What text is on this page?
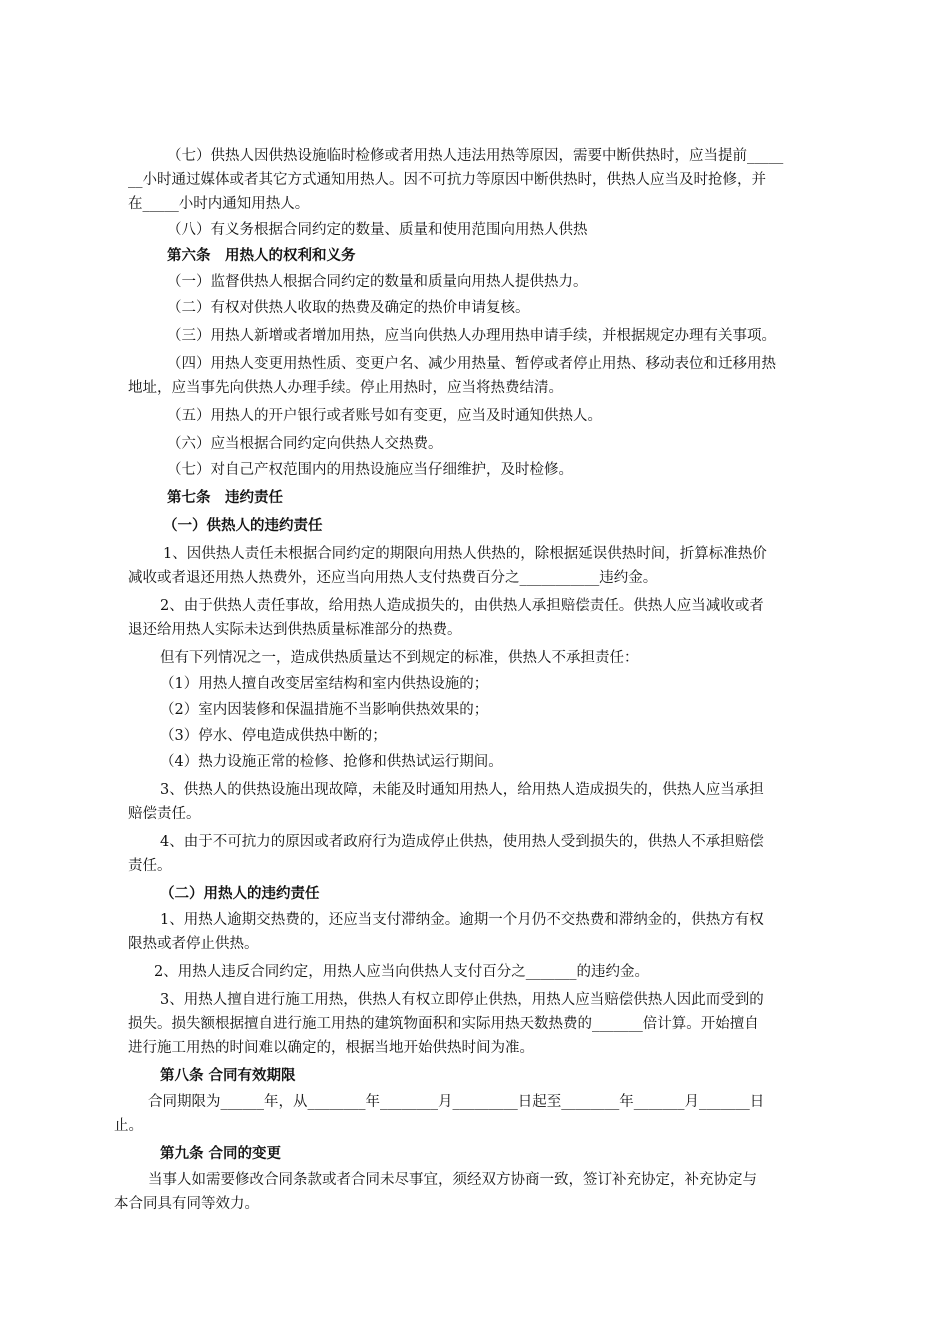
（七）供热人因供热设施临时检修或者用热人违法用热等原因，需要中断供热时，应当提前_____
__小时通过媒体或者其它方式通知用热人。因不可抗力等原因中断供热时，供热人应当及时抢修，并
在_____小时内通知用热人。
（八）有义务根据合同约定的数量、质量和使用范围向用热人供热
第六条　用热人的权利和义务
（一）监督供热人根据合同约定的数量和质量向用热人提供热力。
（二）有权对供热人收取的热费及确定的热价申请复核。
（三）用热人新增或者增加用热，应当向供热人办理用热申请手续，并根据规定办理有关事项。
（四）用热人变更用热性质、变更户名、减少用热量、暂停或者停止用热、移动表位和迁移用热
地址，应当事先向供热人办理手续。停止用热时，应当将热费结清。
（五）用热人的开户银行或者账号如有变更，应当及时通知供热人。
（六）应当根据合同约定向供热人交热费。
（七）对自己产权范围内的用热设施应当仔细维护，及时检修。
第七条　违约责任
（一）供热人的违约责任
1、因供热人责任未根据合同约定的期限向用热人供热的，除根据延误供热时间，折算标准热价
减收或者退还用热人热费外，还应当向用热人支付热费百分之___________违约金。
2、由于供热人责任事故，给用热人造成损失的，由供热人承担赔偿责任。供热人应当减收或者
退还给用热人实际未达到供热质量标准部分的热费。
但有下列情况之一，造成供热质量达不到规定的标准，供热人不承担责任：
（1）用热人擅自改变居室结构和室内供热设施的；
（2）室内因装修和保温措施不当影响供热效果的；
（3）停水、停电造成供热中断的；
（4）热力设施正常的检修、抢修和供热试运行期间。
3、供热人的供热设施出现故障，未能及时通知用热人，给用热人造成损失的，供热人应当承担
赔偿责任。
4、由于不可抗力的原因或者政府行为造成停止供热，使用热人受到损失的，供热人不承担赔偿
责任。
（二）用热人的违约责任
1、用热人逾期交热费的，还应当支付滞纳金。逾期一个月仍不交热费和滞纳金的，供热方有权
限热或者停止供热。
2、用热人违反合同约定，用热人应当向供热人支付百分之_______的违约金。
3、用热人擅自进行施工用热，供热人有权立即停止供热，用热人应当赔偿供热人因此而受到的
损失。损失额根据擅自进行施工用热的建筑物面积和实际用热天数热费的_______倍计算。开始擅自
进行施工用热的时间难以确定的，根据当地开始供热时间为准。
第八条 合同有效期限
合同期限为______年，从________年________月_________日起至________年_______月_______日
止。
第九条 合同的变更
当事人如需要修改合同条款或者合同未尽事宜，须经双方协商一致，签订补充协定，补充协定与
本合同具有同等效力。
